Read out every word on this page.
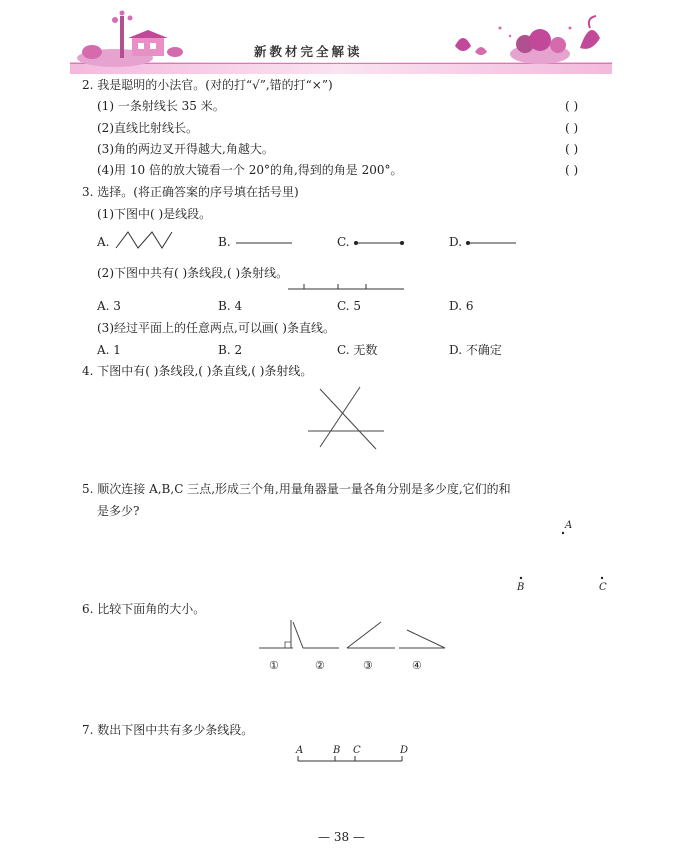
新教材完全解读
2. 我是聪明的小法官。(对的打“√”,错的打“×”)
(1) 一条射线长 35 米。	( )
(2)直线比射线长。	( )
(3)角的两边叉开得越大,角越大。	( )
(4)用 10 倍的放大镜看一个 20°的角,得到的角是 200°。	( )
3. 选择。(将正确答案的序号填在括号里)
(1)下图中( )是线段。
A.	B.	C.	D.
(2)下图中共有( )条线段,( )条射线。
A. 3	B. 4	C. 5	D. 6
(3)经过平面上的任意两点,可以画( )条直线。
A. 1	B. 2	C. 无数	D. 不确定
4. 下图中有( )条线段,( )条直线,( )条射线。
5. 顺次连接 A,B,C 三点,形成三个角,用量角器量一量各角分别是多少度,它们的和
是多少?
A
B	C
6. 比较下面角的大小。
①	②	③	④
7. 数出下图中共有多少条线段。
A	B C	D
— 38 —
